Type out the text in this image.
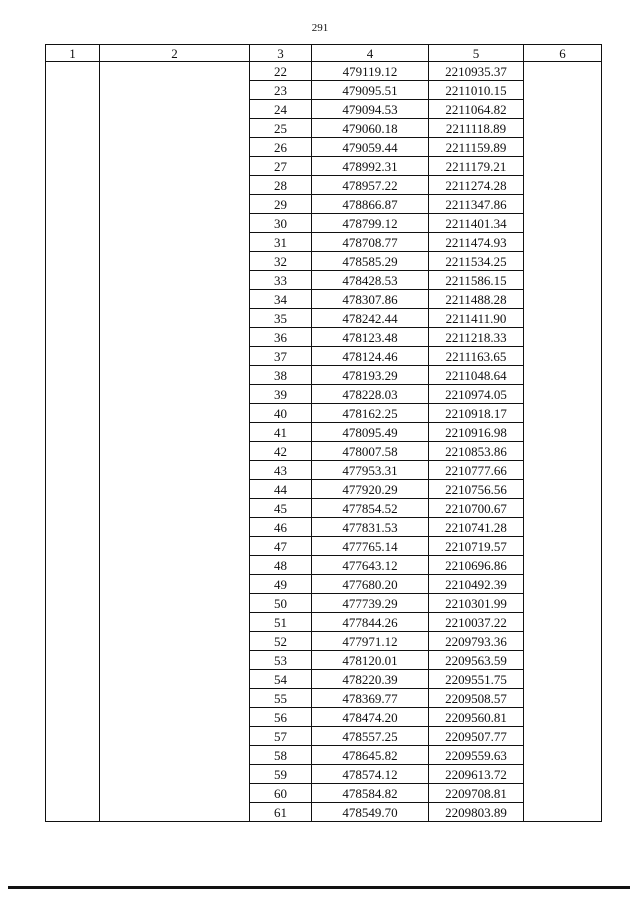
291
1	2	3	4	5	6
		22	479119.12	2210935.37	
		23	479095.51	2211010.15	
		24	479094.53	2211064.82	
		25	479060.18	2211118.89	
		26	479059.44	2211159.89	
		27	478992.31	2211179.21	
		28	478957.22	2211274.28	
		29	478866.87	2211347.86	
		30	478799.12	2211401.34	
		31	478708.77	2211474.93	
		32	478585.29	2211534.25	
		33	478428.53	2211586.15	
		34	478307.86	2211488.28	
		35	478242.44	2211411.90	
		36	478123.48	2211218.33	
		37	478124.46	2211163.65	
		38	478193.29	2211048.64	
		39	478228.03	2210974.05	
		40	478162.25	2210918.17	
		41	478095.49	2210916.98	
		42	478007.58	2210853.86	
		43	477953.31	2210777.66	
		44	477920.29	2210756.56	
		45	477854.52	2210700.67	
		46	477831.53	2210741.28	
		47	477765.14	2210719.57	
		48	477643.12	2210696.86	
		49	477680.20	2210492.39	
		50	477739.29	2210301.99	
		51	477844.26	2210037.22	
		52	477971.12	2209793.36	
		53	478120.01	2209563.59	
		54	478220.39	2209551.75	
		55	478369.77	2209508.57	
		56	478474.20	2209560.81	
		57	478557.25	2209507.77	
		58	478645.82	2209559.63	
		59	478574.12	2209613.72	
		60	478584.82	2209708.81	
		61	478549.70	2209803.89	
